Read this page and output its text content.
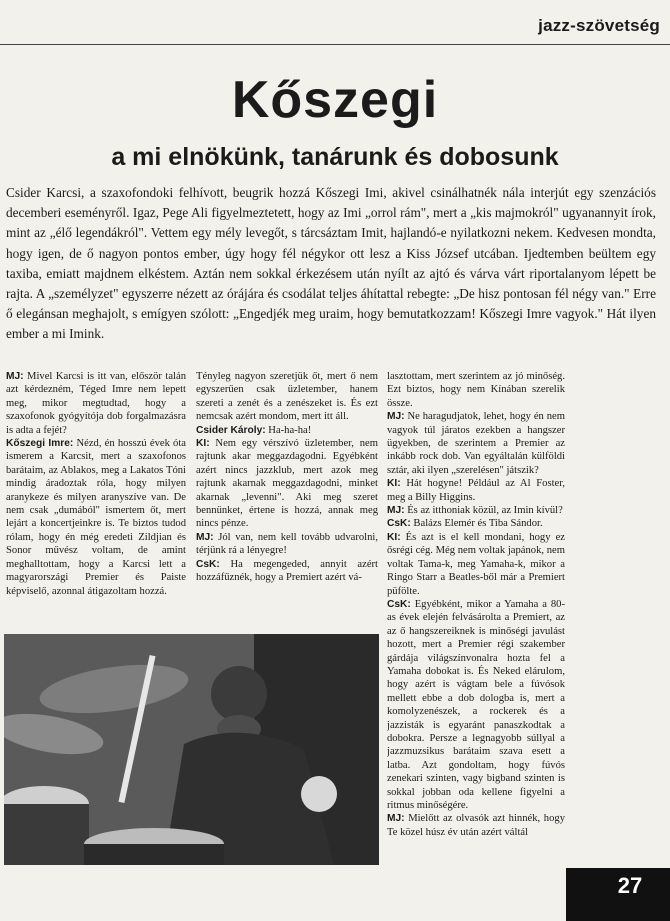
jazz-szövetség
Kőszegi
a mi elnökünk, tanárunk és dobosunk
Csider Karcsi, a szaxofondoki felhívott, beugrik hozzá Kőszegi Imi, akivel csinálhatnék nála interjút egy szenzációs decemberi eseményről. Igaz, Pege Ali figyelmeztetett, hogy az Imi „orrol rám", mert a „kis majmokról" ugyanannyit írok, mint az „élő legendákról". Vettem egy mély levegőt, s tárcsáztam Imit, hajlandó-e nyilatkozni nekem. Kedvesen mondta, hogy igen, de ő nagyon pontos ember, úgy hogy fél négykor ott lesz a Kiss József utcában. Ijedtemben beültem egy taxiba, emiatt majdnem elkéstem. Aztán nem sokkal érkezésem után nyílt az ajtó és várva várt riportalanyom lépett be rajta. A „személyzet" egyszerre nézett az órájára és csodálat teljes áhítattal rebegte: „De hisz pontosan fél négy van." Erre ő elegánsan meghajolt, s emígyen szólott: „Engedjék meg uraim, hogy bemutatkozzam! Kőszegi Imre vagyok." Hát ilyen ember a mi Imink.

MJ: Mivel Karcsi is itt van, először talán azt kérdezném, Téged Imre nem lepett meg, mikor megtudtad, hogy a szaxofonok gyógyítója dob forgalmazásra is adta a fejét?

Kőszegi Imre: Nézd, én hosszú évek óta ismerem a Karcsit, mert a szaxofonos barátaim, az Ablakos, meg a Lakatos Tóni mindig áradoztak róla, hogy milyen aranykeze és milyen aranyszíve van. De nem csak „dumából" ismertem őt, mert lejárt a koncertjeinkre is. Te biztos tudod rólam, hogy én még eredeti Zildjian és Sonor művész voltam, de amint meghalltottam, hogy a Karcsi lett a magyarországi Premier és Paiste képviselő, azonnal átigazoltam hozzá.

Tényleg nagyon szeretjük őt, mert ő nem egyszerűen csak üzletember, hanem szereti a zenét és a zenészeket is. És ezt nemcsak azért mondom, mert itt áll.

Csider Károly: Ha-ha-ha!

KI: Nem egy vérszívó üzletember, nem rajtunk akar meggazdagodni. Egyébként azért nincs jazzklub, mert azok meg rajtunk akarnak meggazdagodni, minket akarnak „levenni". Aki meg szeret bennünket, értene is hozzá, annak meg nincs pénze.

MJ: Jól van, nem kell tovább udvarolni, térjünk rá a lényegre!

CsK: Ha megengeded, annyit azért hozzáfűznék, hogy a Premiert azért vá-

lasztottam, mert szerintem az jó minőség. Ezt biztos, hogy nem Kínában szerelik össze.

MJ: Ne haragudjatok, lehet, hogy én nem vagyok túl járatos ezekben a hangszer ügyekben, de szerintem a Premier az inkább rock dob. Van egyáltalán külföldi sztár, aki ilyen „szerelésen" játszik?

KI: Hát hogyne! Például az Al Foster, meg a Billy Higgins.

MJ: És az itthoniak közül, az Imin kívül?

CsK: Balázs Elemér és Tiba Sándor.

KI: És azt is el kell mondani, hogy ez ősrégi cég. Még nem voltak japánok, nem voltak Tama-k, meg Yamaha-k, mikor a Ringo Starr a Beatles-ből már a Premiert püfölte.

CsK: Egyébként, mikor a Yamaha a 80-as évek elején felvásárolta a Premiert, az az ő hangszereiknek is minőségi javulást hozott, mert a Premier régi szakember gárdája világszínvonalra hozta fel a Yamaha dobokat is. És Neked elárulom, hogy azért is vágtam bele a fúvósok mellett ebbe a dob dologba is, mert a komolyzenészek, a rockerek és a jazzisták is egyaránt panaszkodtak a dobokra. Persze a legnagyobb súllyal a jazzmuzsikus barátaim szava esett a latba. Azt gondoltam, hogy fúvós zenekari szinten, vagy bigband szinten is sokkal jobban oda kellene figyelni a ritmus minőségére.

MJ: Mielőtt az olvasók azt hinnék, hogy Te közel húsz év után azért váltál

27
